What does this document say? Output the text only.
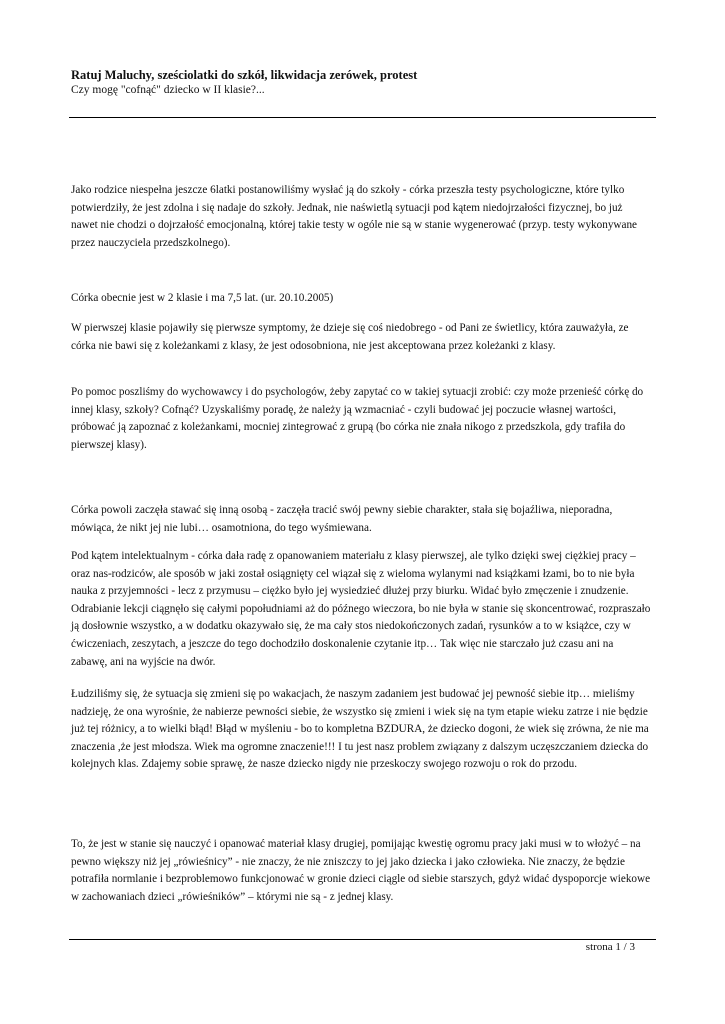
Ratuj Maluchy, sześciolatki do szkół, likwidacja zerówek, protest
Czy mogę "cofnąć" dziecko w II klasie?...

Jako rodzice niespełna jeszcze 6latki postanowiliśmy wysłać ją do szkoły - córka przeszła testy psychologiczne, które tylko potwierdziły, że jest zdolna i się nadaje do szkoły. Jednak, nie naświetlą sytuacji pod kątem niedojrzałości fizycznej, bo już nawet nie chodzi o dojrzałość emocjonalną, której takie testy w ogóle nie są w stanie wygenerować (przyp. testy wykonywane przez nauczyciela przedszkolnego).

Córka obecnie jest w 2 klasie i ma 7,5 lat. (ur. 20.10.2005)

W pierwszej klasie pojawiły się pierwsze symptomy, że dzieje się coś niedobrego - od Pani ze świetlicy, która zauważyła, ze córka nie bawi się z koleżankami z klasy, że jest odosobniona, nie jest akceptowana przez koleżanki z klasy.

Po pomoc poszliśmy do wychowawcy i do psychologów, żeby zapytać co w takiej sytuacji zrobić: czy może przenieść córkę do innej klasy, szkoły? Cofnąć? Uzyskaliśmy poradę, że należy ją wzmacniać - czyli budować jej poczucie własnej wartości, próbować ją zapoznać z koleżankami, mocniej zintegrować z grupą (bo córka nie znała nikogo z przedszkola, gdy trafiła do pierwszej klasy).

Córka powoli zaczęła stawać się inną osobą - zaczęła tracić swój pewny siebie charakter, stała się bojaźliwa, nieporadna, mówiąca, że nikt jej nie lubi… osamotniona, do tego wyśmiewana.

Pod kątem intelektualnym - córka dała radę z opanowaniem materiału z klasy pierwszej, ale tylko dzięki swej ciężkiej pracy – oraz nas-rodziców, ale sposób w jaki został osiągnięty cel wiązał się z wieloma wylanymi nad książkami łzami, bo to nie była nauka z przyjemności - lecz z przymusu – ciężko było jej wysiedzieć dłużej przy biurku. Widać było zmęczenie i znudzenie. Odrabianie lekcji ciągnęło się całymi popołudniami aż do późnego wieczora, bo nie była w stanie się skoncentrować, rozpraszało ją dosłownie wszystko, a w dodatku okazywało się, że ma cały stos niedokończonych zadań, rysunków a to w książce, czy w ćwiczeniach, zeszytach, a jeszcze do tego dochodziło doskonalenie czytanie itp… Tak więc nie starczało już czasu ani na zabawę, ani na wyjście na dwór.

Łudziliśmy się, że sytuacja się zmieni się po wakacjach, że naszym zadaniem jest budować jej pewność siebie itp… mieliśmy nadzieję, że ona wyrośnie, że nabierze pewności siebie, że wszystko się zmieni i wiek się na tym etapie wieku zatrze i nie będzie już tej różnicy, a to wielki błąd! Błąd w myśleniu - bo to kompletna BZDURA, że dziecko dogoni, że wiek się zrówna, że nie ma znaczenia ,że jest młodsza. Wiek ma ogromne znaczenie!!! I tu jest nasz problem związany z dalszym uczęszczaniem dziecka do kolejnych klas. Zdajemy sobie sprawę, że nasze dziecko nigdy nie przeskoczy swojego rozwoju o rok do przodu.

To, że jest w stanie się nauczyć i opanować materiał klasy drugiej, pomijając kwestię ogromu pracy jaki musi w to włożyć – na pewno większy niż jej „rówieśnicy” - nie znaczy, że nie zniszczy to jej jako dziecka i jako człowieka. Nie znaczy, że będzie potrafiła normlanie i bezproblemowo funkcjonować w gronie dzieci ciągle od siebie starszych, gdyż widać dyspoporcje wiekowe w zachowaniach dzieci „rówieśników” – którymi nie są - z jednej klasy.

strona 1 / 3
